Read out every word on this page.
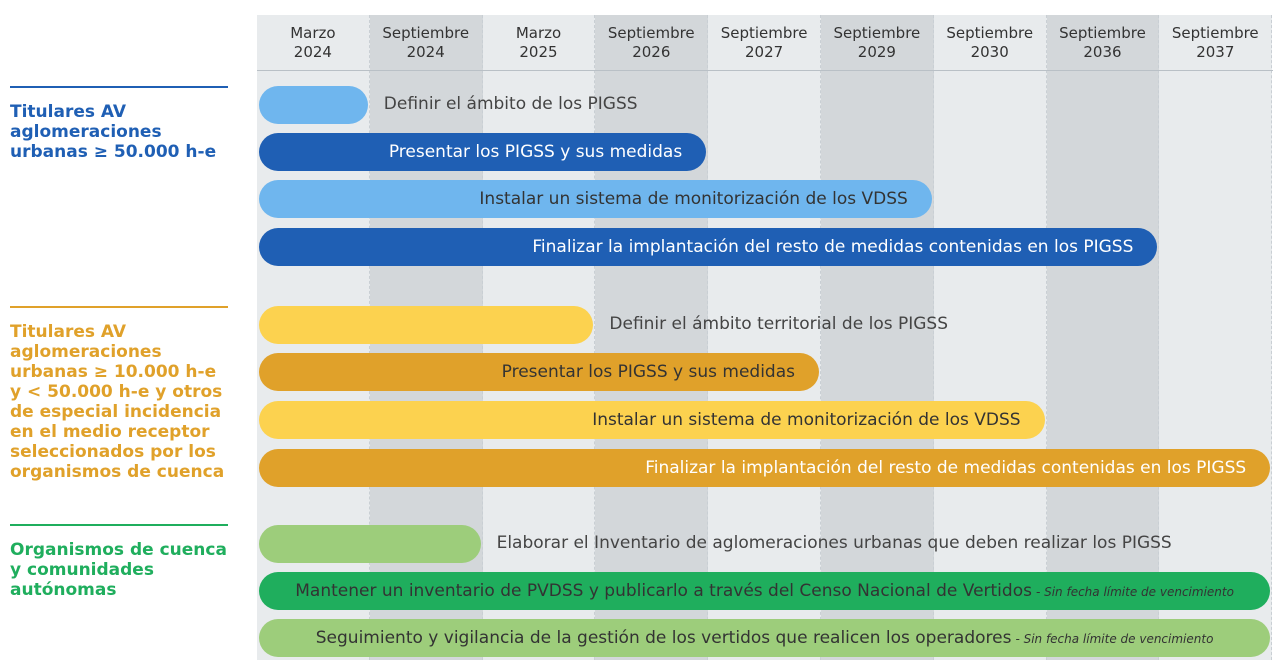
Septiembre
2037
Septiembre
2036
Septiembre
2030
Septiembre
2029
Septiembre
2027
Septiembre
2026
Marzo
2025
Septiembre
2024
Marzo
2024
Titulares AV
aglomeraciones
urbanas ≥ 50.000 h-e
Titulares AV
aglomeraciones
urbanas ≥ 10.000 h-e
y < 50.000 h-e y otros
de especial incidencia
en el medio receptor
seleccionados por los
organismos de cuenca
Organismos de cuenca
y comunidades
autónomas
Definir el ámbito de los PIGSS
Presentar los PIGSS y sus medidas
Instalar un sistema de monitorización de los VDSS
Finalizar la implantación del resto de medidas contenidas en los PIGSS
Definir el ámbito territorial de los PIGSS
Presentar los PIGSS y sus medidas
Instalar un sistema de monitorización de los VDSS
Finalizar la implantación del resto de medidas contenidas en los PIGSS
Elaborar el Inventario de aglomeraciones urbanas que deben realizar los PIGSS
Mantener un inventario de PVDSS y publicarlo a través del Censo Nacional de Vertidos - Sin fecha límite de vencimiento
Seguimiento y vigilancia de la gestión de los vertidos que realicen los operadores - Sin fecha límite de vencimiento
